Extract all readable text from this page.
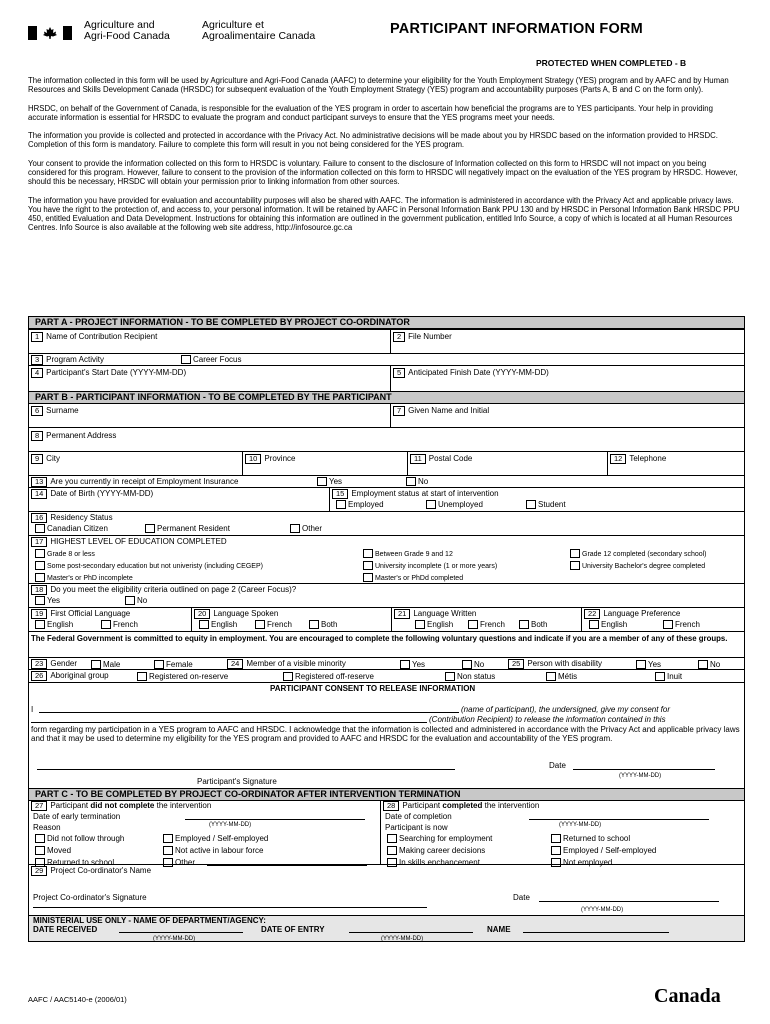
Agriculture and
Agri-Food Canada
Agriculture et
Agroalimentaire Canada	PARTICIPANT INFORMATION FORM
PROTECTED WHEN COMPLETED - B

The information collected in this form will be used by Agriculture and Agri-Food Canada (AAFC) to determine your eligibility for the Youth Employment Strategy (YES) program and by AAFC and by Human Resources and Skills Development Canada (HRSDC) for subsequent evaluation of the Youth Employment Strategy (YES) program and accountability purposes (Parts A, B and C on the form only).

HRSDC, on behalf of the Government of Canada, is responsible for the evaluation of the YES program in order to ascertain how beneficial the programs are to YES participants. Your help in providing accurate information is essential for HRSDC to evaluate the program and conduct participant surveys to ensure that the YES programs meet your needs.

The information you provide is collected and protected in accordance with the Privacy Act. No administrative decisions will be made about you by HRSDC based on the information provided to HRSDC. Completion of this form is mandatory. Failure to complete this form will result in you not being considered for the YES program.

Your consent to provide the information collected on this form to HRSDC is voluntary. Failure to consent to the disclosure of Information collected on this form to HRSDC will not impact on you being considered for this program. However, failure to consent to the provision of the information collected on this form to HRSDC will negatively impact on the evaluation of the YES program by HRSDC. However, should this be necessary, HRSDC will obtain your permission prior to linking information from other sources.

The information you have provided for evaluation and accountability purposes will also be shared with AAFC. The information is administered in accordance with the Privacy Act and applicable privacy laws. You have the right to the protection of, and access to, your personal information. It will be retained by AAFC in Personal Information Bank PPU 130 and by HRSDC in Personal Information Bank HRSDC PPU 450, entitled Evaluation and Data Development. Instructions for obtaining this information are outlined in the government publication, entitled Info Source, a copy of which is located at all Human Resources Centres. Info Source is also available at the following web site address, http://infosource.gc.ca

PART A - PROJECT INFORMATION - TO BE COMPLETED BY PROJECT CO-ORDINATOR
1 Name of Contribution Recipient	2 File Number
3 Program Activity	Career Focus
4 Participant's Start Date (YYYY-MM-DD)	5 Anticipated Finish Date (YYYY-MM-DD)
PART B - PARTICIPANT INFORMATION - TO BE COMPLETED BY THE PARTICIPANT
6 Surname	7 Given Name and Initial
8 Permanent Address
9 City	10 Province	11 Postal Code	12 Telephone
13 Are you currently in receipt of Employment Insurance	Yes	No
14 Date of Birth (YYYY-MM-DD)	15 Employment status at start of intervention
Employed	Unemployed	Student
16 Residency Status
Canadian Citizen	Permanent Resident	Other
17 HIGHEST LEVEL OF EDUCATION COMPLETED
Grade 8 or less	Between Grade 9 and 12	Grade 12 completed (secondary school)
Some post-secondary education but not univeristy (including CEGEP)	University incomplete (1 or more years)	University Bachelor's degree completed
Master's or PhD incomplete	Master's or PhDd completed
18 Do you meet the eligibility criteria outlined on page 2 (Career Focus)?
Yes	No
19 First Official Language
English	French
20 Language Spoken
English	French	Both
21 Language Written
English	French	Both
22 Language Preference
English	French
The Federal Government is committed to equity in employment. You are encouraged to complete the following voluntary questions and indicate if you are a member of any of these groups.
23 Gender	Male	Female	24 Member of a visible minority	Yes	No	25 Person with disability	Yes	No
26 Aboriginal group	Registered on-reserve	Registered off-reserve	Non status	Métis	Inuit
PARTICIPANT CONSENT TO RELEASE INFORMATION
I	(name of participant), the undersigned, give my consent for
(Contribution Recipient) to release the information contained in this
form regarding my participation in a YES program to AAFC and HRSDC. I acknowledge that the information is collected and administered in accordance with the Privacy Act and applicable privacy laws and that it may be used to determine my eligibility for the YES program and provided to AAFC and HRSDC for the evaluation and accountability of the YES program.
Date
(YYYY-MM-DD)
Participant's Signature
PART C - TO BE COMPLETED BY PROJECT CO-ORDINATOR AFTER INTERVENTION TERMINATION
27 Participant did not complete the intervention
Date of early termination
(YYYY-MM-DD)
Reason
Did not follow through
Moved
Returned to school
Employed / Self-employed
Not active in labour force
Other
28 Participant completed the intervention
Date of completion
(YYYY-MM-DD)
Participant is now
Searching for employment
Making career decisions
In skills enchancement
Returned to school
Employed / Self-employed
Not employed
29 Project Co-ordinator's Name
Project Co-ordinator's Signature	Date
(YYYY-MM-DD)
MINISTERIAL USE ONLY - NAME OF DEPARTMENT/AGENCY:
DATE RECEIVED
(YYYY-MM-DD)
DATE OF ENTRY
(YYYY-MM-DD)
NAME
AAFC / AAC5140-e (2006/01)	Canada
